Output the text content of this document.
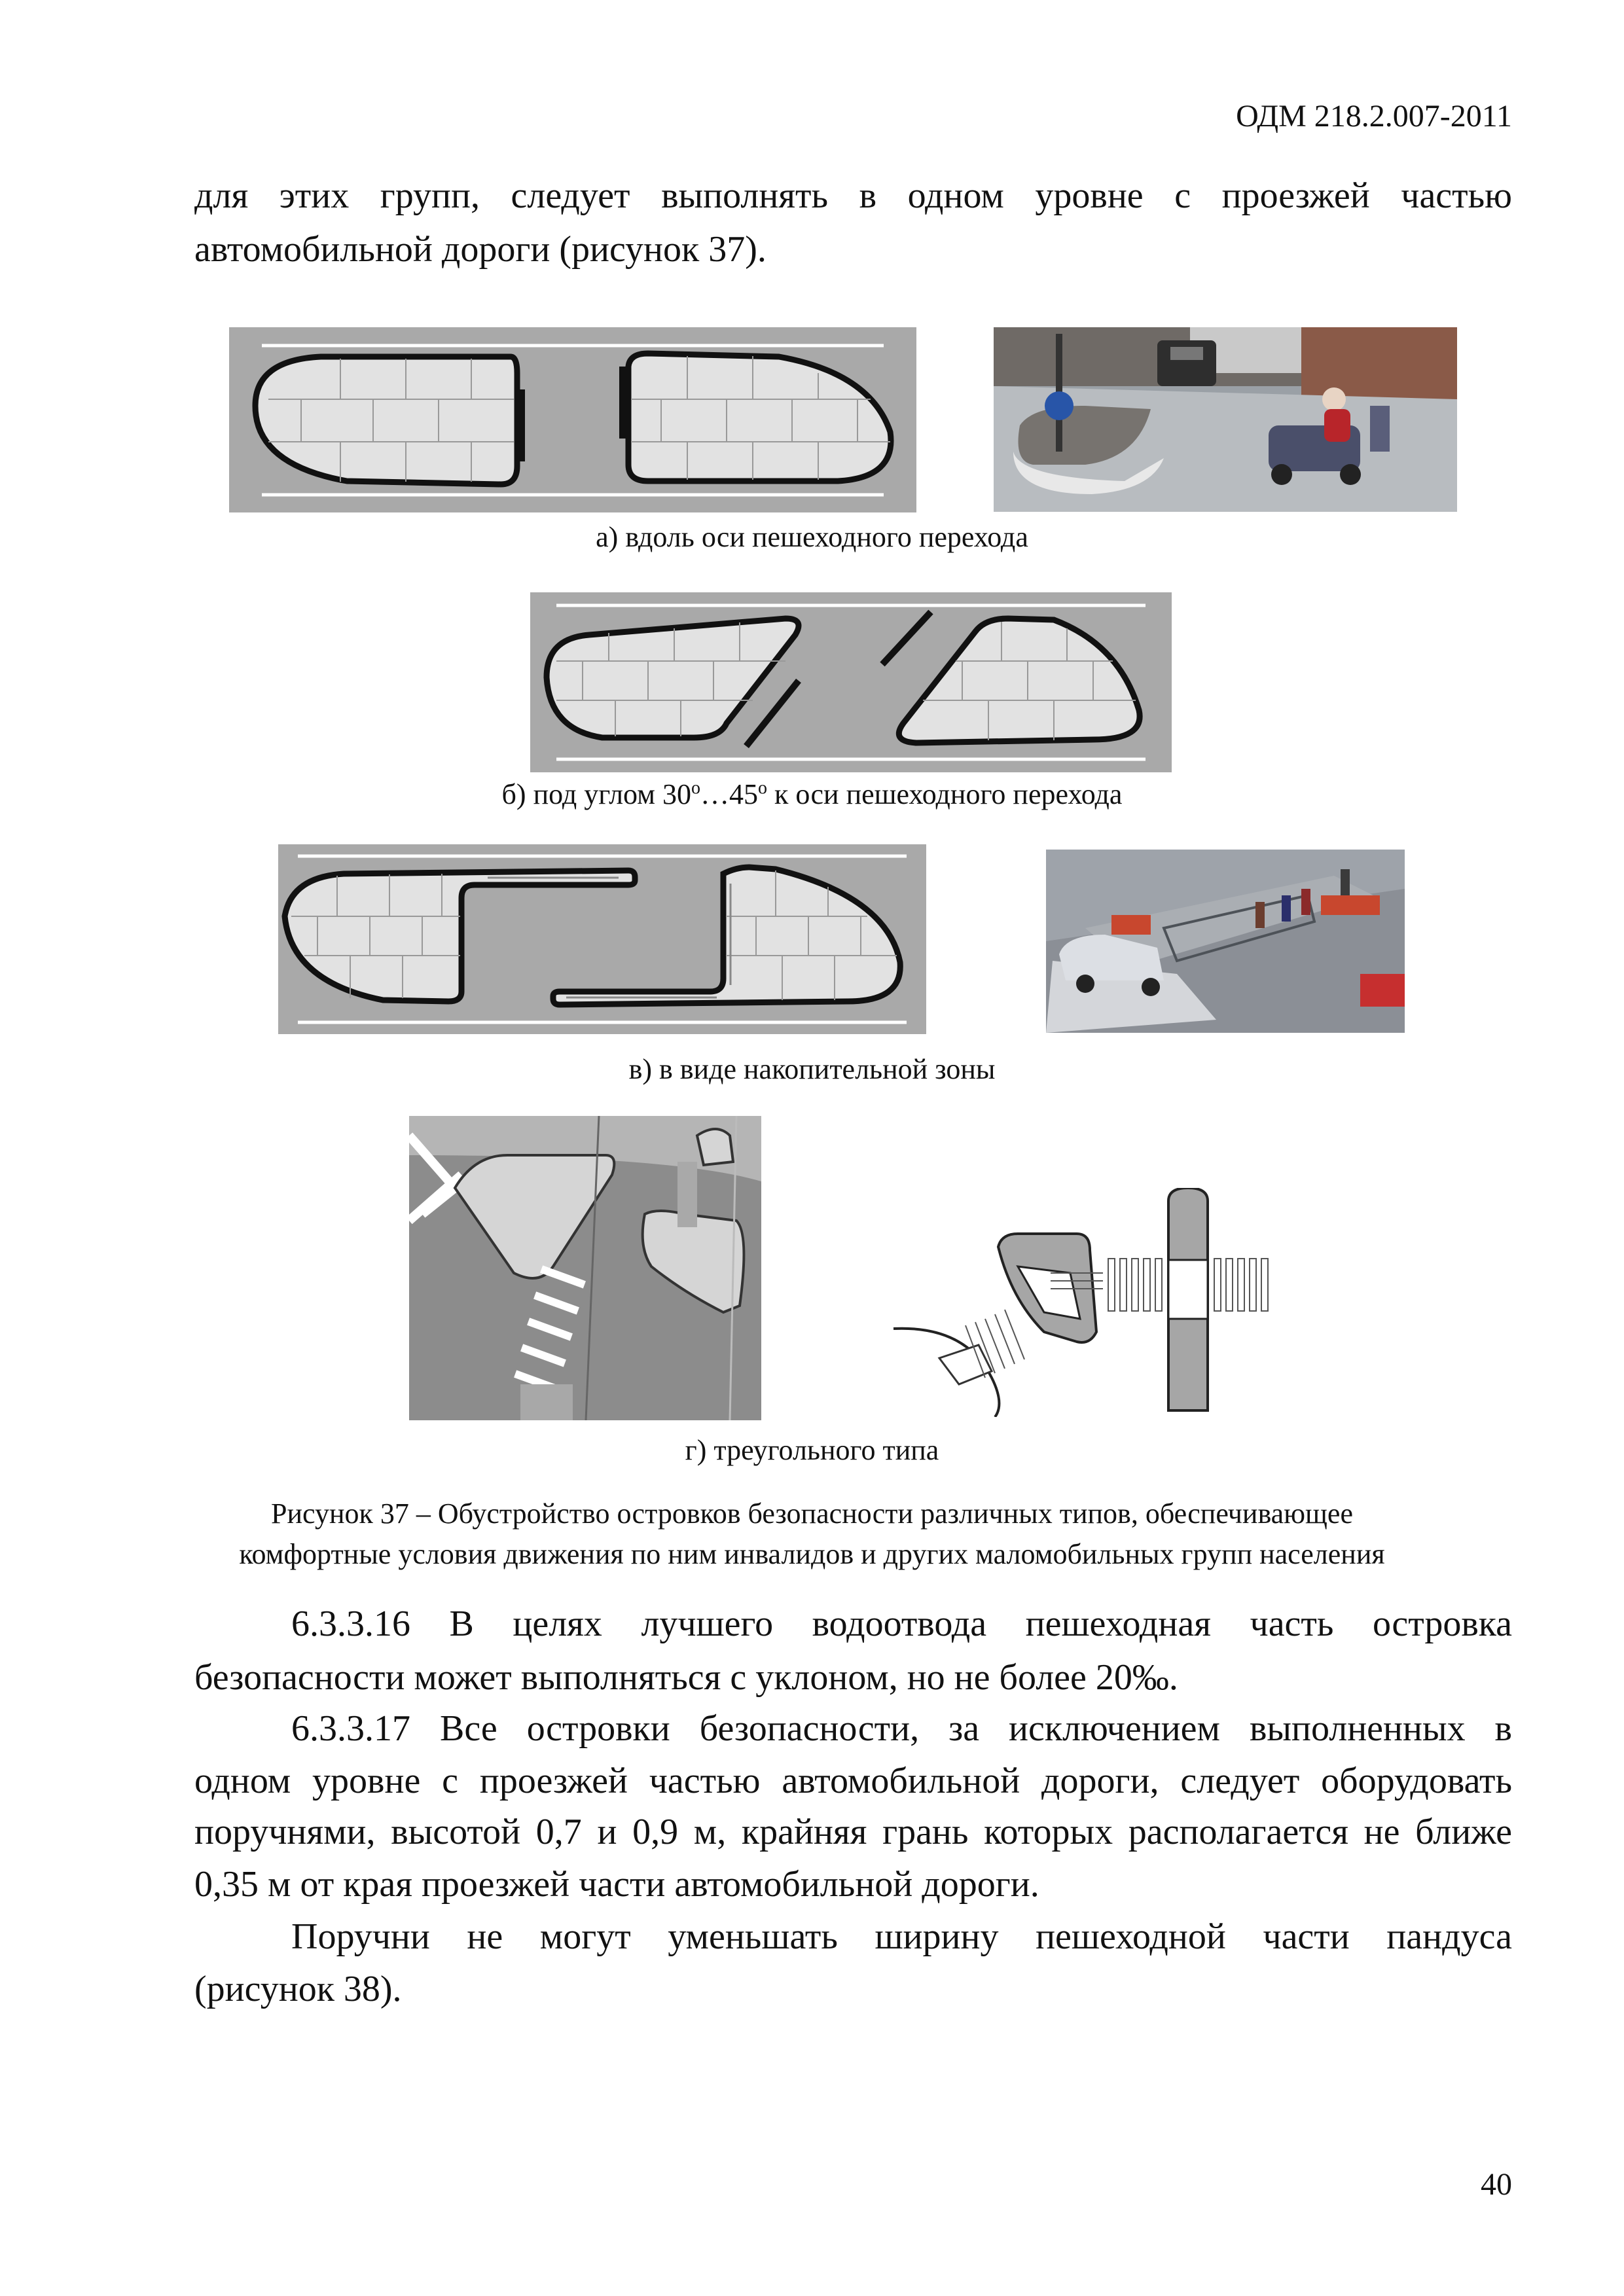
ОДМ 218.2.007-2011
для этих групп, следует выполнять в одном уровне с проезжей частью
автомобильной дороги (рисунок 37).
а) вдоль оси пешеходного перехода
б) под углом $30^о\dots 45^о$ к оси пешеходного перехода
в) в виде накопительной зоны
г) треугольного типа
Рисунок 37 – Обустройство островков безопасности различных типов, обеспечивающее
комфортные условия движения по ним инвалидов и других маломобильных групп населения
6.3.3.16 В целях лучшего водоотвода пешеходная часть островка
безопасности может выполняться с уклоном, но не более 20‰.
6.3.3.17 Все островки безопасности, за исключением выполненных в
одном уровне с проезжей частью автомобильной дороги, следует оборудовать
поручнями, высотой 0,7 и 0,9 м, крайняя грань которых располагается не ближе
0,35 м от края проезжей части автомобильной дороги.
Поручни не могут уменьшать ширину пешеходной части пандуса
(рисунок 38).
40
